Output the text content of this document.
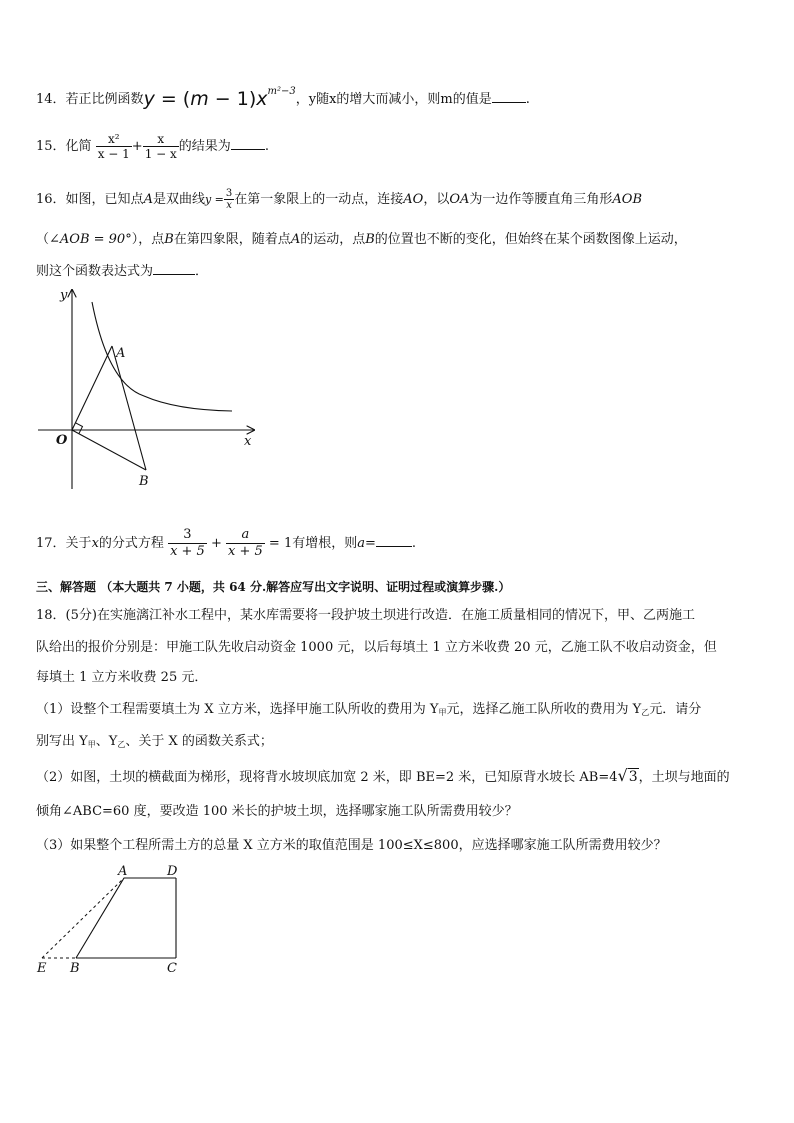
14．若正比例函数$y = (m - 1)x^{m^2-3}$，y随x的增大而减小，则m的值是	.
15．化简 $\frac{\text{x²}}{x - 1} + \frac{x}{1 - x}$ 的结果为	.
16．如图，已知点A是双曲线$y = \frac{3}{x}$ 在第一象限上的一动点，连接AO，以OA为一边作等腰直角三角形AOB
（∠AOB = 90°），点B在第四象限，随着点A的运动，点B的位置也不断的变化，但始终在某个函数图像上运动，
则这个函数表达式为	．
y
x
O
A
B
17．关于x的分式方程 $\frac{3}{x + 5} + \frac{a}{x + 5} = 1$有增根，则a=	.
三、解答题 （本大题共 7 小题，共 64 分.解答应写出文字说明、证明过程或演算步骤.）
18．(5分)在实施漓江补水工程中，某水库需要将一段护坡土坝进行改造．在施工质量相同的情况下，甲、乙两施工
队给出的报价分别是：甲施工队先收启动资金 1000 元，以后每填土 1 立方米收费 20 元，乙施工队不收启动资金，但
每填土 1 立方米收费 25 元．
（1）设整个工程需要填土为 X 立方米，选择甲施工队所收的费用为 $Y_甲$元，选择乙施工队所收的费用为 $Y_乙$元．请分
别写出 $Y_甲$、$Y_乙$、关于 X 的函数关系式；
（2）如图，土坝的横截面为梯形，现将背水坡坝底加宽 2 米，即 BE=2 米，已知原背水坡长 AB=4√3，土坝与地面的
倾角∠ABC=60 度，要改造 100 米长的护坡土坝，选择哪家施工队所需费用较少？
（3）如果整个工程所需土方的总量 X 立方米的取值范围是 100≤X≤800，应选择哪家施工队所需费用较少？
A	D
E B	C
